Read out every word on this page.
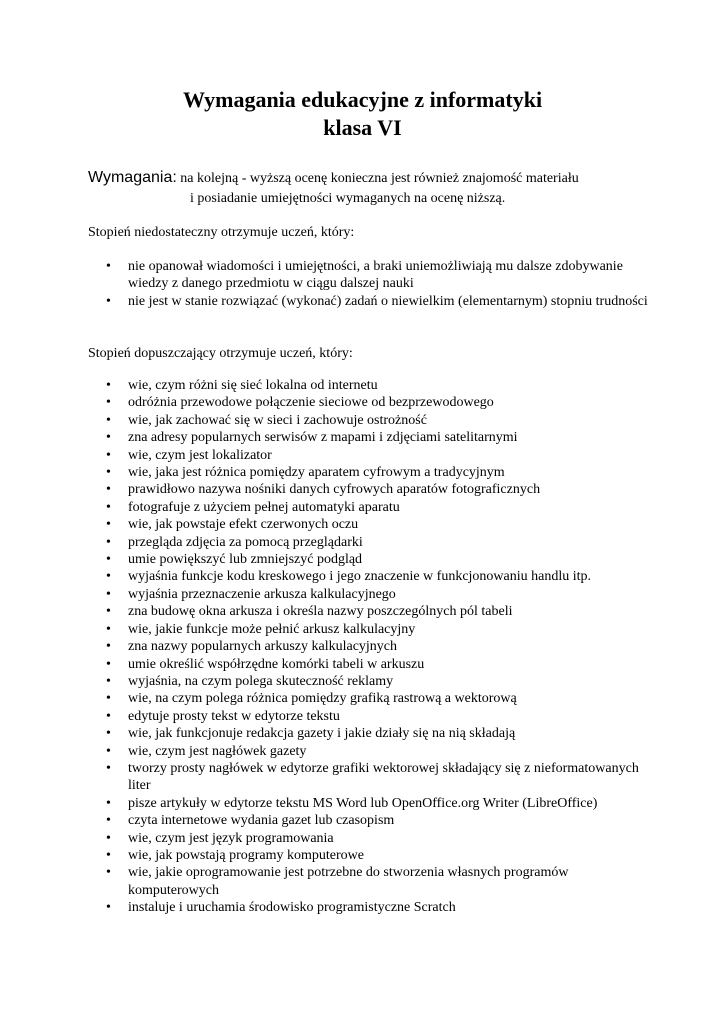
Wymagania edukacyjne z informatyki
klasa VI
Wymagania: na kolejną - wyższą ocenę konieczna jest również znajomość materiału
i posiadanie umiejętności wymaganych na ocenę niższą.
Stopień niedostateczny otrzymuje uczeń, który:
• nie opanował wiadomości i umiejętności, a braki uniemożliwiają mu dalsze zdobywanie wiedzy z danego przedmiotu w ciągu dalszej nauki
• nie jest w stanie rozwiązać (wykonać) zadań o niewielkim (elementarnym) stopniu trudności
Stopień dopuszczający otrzymuje uczeń, który:
• wie, czym różni się sieć lokalna od internetu
• odróżnia przewodowe połączenie sieciowe od bezprzewodowego
• wie, jak zachować się w sieci i zachowuje ostrożność
• zna adresy popularnych serwisów z mapami i zdjęciami satelitarnymi
• wie, czym jest lokalizator
• wie, jaka jest różnica pomiędzy aparatem cyfrowym a tradycyjnym
• prawidłowo nazywa nośniki danych cyfrowych aparatów fotograficznych
• fotografuje z użyciem pełnej automatyki aparatu
• wie, jak powstaje efekt czerwonych oczu
• przegląda zdjęcia za pomocą przeglądarki
• umie powiększyć lub zmniejszyć podgląd
• wyjaśnia funkcje kodu kreskowego i jego znaczenie w funkcjonowaniu handlu itp.
• wyjaśnia przeznaczenie arkusza kalkulacyjnego
• zna budowę okna arkusza i określa nazwy poszczególnych pól tabeli
• wie, jakie funkcje może pełnić arkusz kalkulacyjny
• zna nazwy popularnych arkuszy kalkulacyjnych
• umie określić współrzędne komórki tabeli w arkuszu
• wyjaśnia, na czym polega skuteczność reklamy
• wie, na czym polega różnica pomiędzy grafiką rastrową a wektorową
• edytuje prosty tekst w edytorze tekstu
• wie, jak funkcjonuje redakcja gazety i jakie działy się na nią składają
• wie, czym jest nagłówek gazety
• tworzy prosty nagłówek w edytorze grafiki wektorowej składający się z nieformatowanych liter
• pisze artykuły w edytorze tekstu MS Word lub OpenOffice.org Writer (LibreOffice)
• czyta internetowe wydania gazet lub czasopism
• wie, czym jest język programowania
• wie, jak powstają programy komputerowe
• wie, jakie oprogramowanie jest potrzebne do stworzenia własnych programów komputerowych
• instaluje i uruchamia środowisko programistyczne Scratch
